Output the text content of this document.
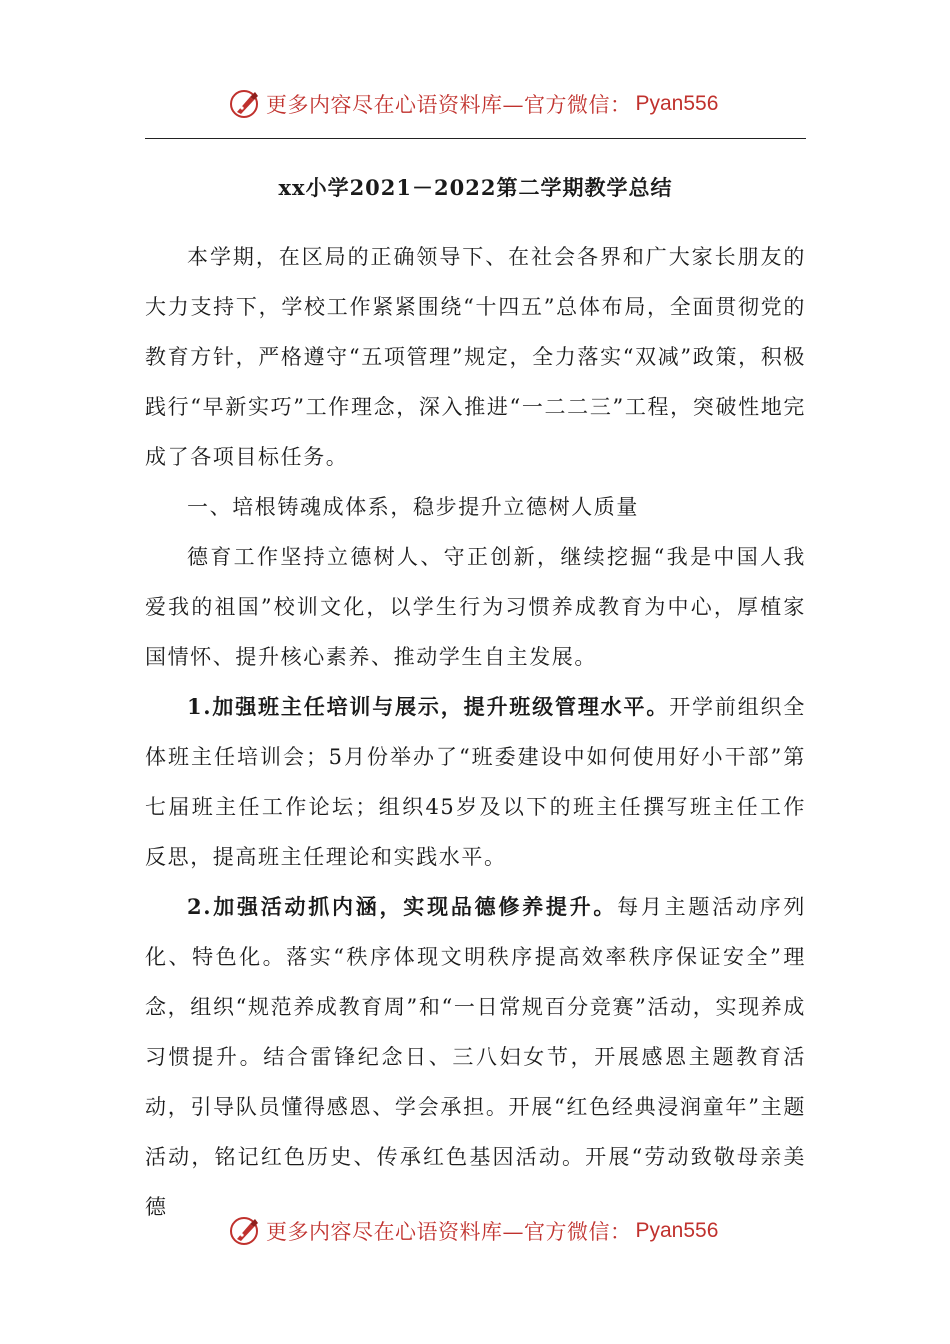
更多内容尽在心语资料库—官方微信： Pyan556
xx小学2021－2022第二学期教学总结

本学期，在区局的正确领导下、在社会各界和广大家长朋友的大力支持下，学校工作紧紧围绕“十四五”总体布局，全面贯彻党的教育方针，严格遵守“五项管理”规定，全力落实“双减”政策，积极践行“早新实巧”工作理念，深入推进“一二二三”工程，突破性地完成了各项目标任务。

一、培根铸魂成体系，稳步提升立德树人质量

德育工作坚持立德树人、守正创新，继续挖掘“我是中国人我爱我的祖国”校训文化，以学生行为习惯养成教育为中心，厚植家国情怀、提升核心素养、推动学生自主发展。

1.加强班主任培训与展示，提升班级管理水平。开学前组织全体班主任培训会；5月份举办了“班委建设中如何使用好小干部”第七届班主任工作论坛；组织45岁及以下的班主任撰写班主任工作反思，提高班主任理论和实践水平。

2.加强活动抓内涵，实现品德修养提升。每月主题活动序列化、特色化。落实“秩序体现文明秩序提高效率秩序保证安全”理念，组织“规范养成教育周”和“一日常规百分竞赛”活动，实现养成习惯提升。结合雷锋纪念日、三八妇女节，开展感恩主题教育活动，引导队员懂得感恩、学会承担。开展“红色经典浸润童年”主题活动，铭记红色历史、传承红色基因活动。开展“劳动致敬母亲美德

更多内容尽在心语资料库—官方微信： Pyan556
